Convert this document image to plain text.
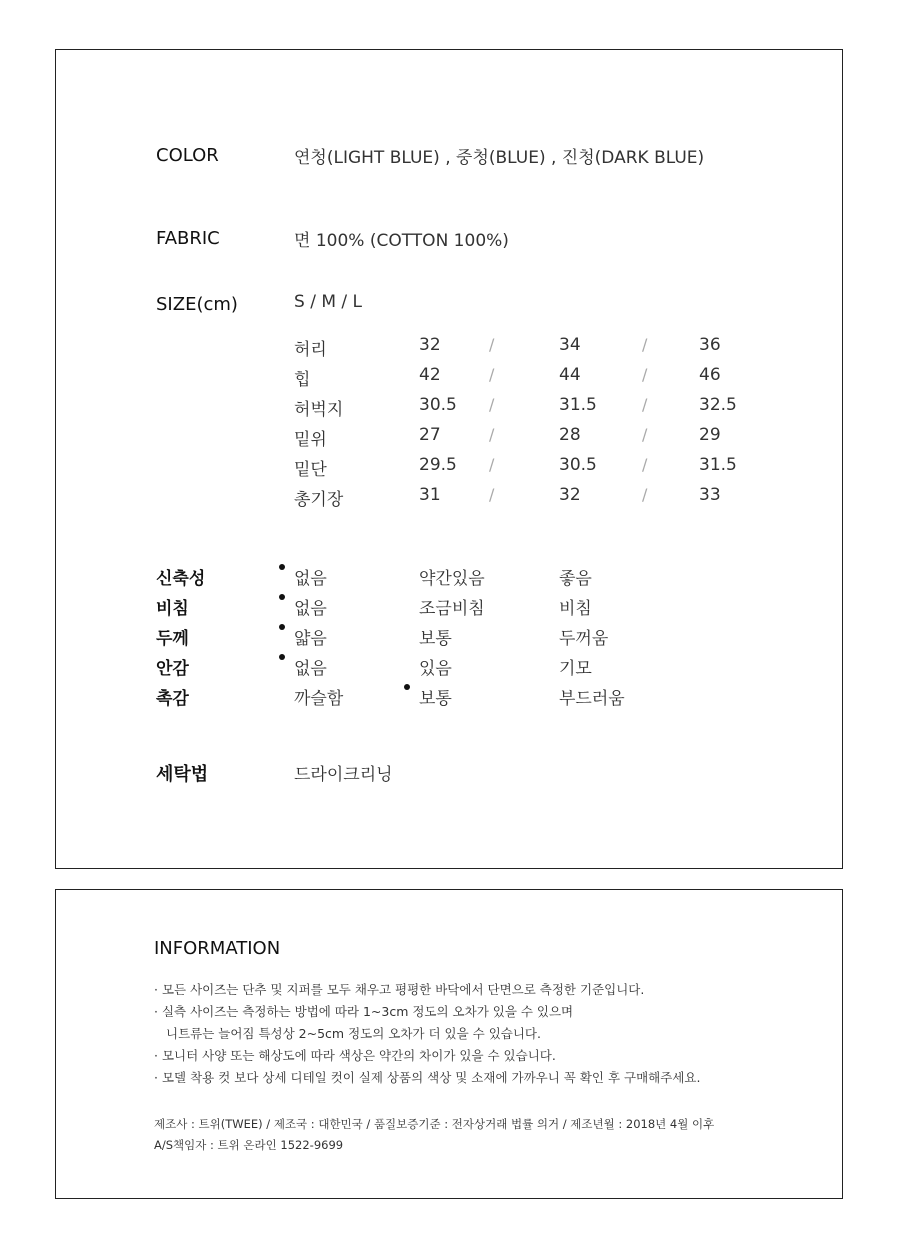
COLOR	연청(LIGHT BLUE) , 중청(BLUE) , 진청(DARK BLUE)
FABRIC	면 100% (COTTON 100%)
SIZE(cm)	S / M / L
허리	32	/	34	/	36
힙	42	/	44	/	46
허벅지	30.5 /	31.5	/	32.5
밑위	27	/	28	/	29
밑단	29.5 /	30.5	/	31.5
총기장	31	/	32	/	33
신축성	없음	약간있음	좋음
비침	없음	조금비침	비침
두께	얇음	보통	두꺼움
안감	없음	있음	기모
촉감	까슬함	보통	부드러움
세탁법	드라이크리닝
INFORMATION
· 모든 사이즈는 단추 및 지퍼를 모두 채우고 평평한 바닥에서 단면으로 측정한 기준입니다.
· 실측 사이즈는 측정하는 방법에 따라 1~3cm 정도의 오차가 있을 수 있으며
니트류는 늘어짐 특성상 2~5cm 정도의 오차가 더 있을 수 있습니다.
· 모니터 사양 또는 해상도에 따라 색상은 약간의 차이가 있을 수 있습니다.
· 모델 착용 컷 보다 상세 디테일 컷이 실제 상품의 색상 및 소재에 가까우니 꼭 확인 후 구매해주세요.
제조사 : 트위(TWEE) / 제조국 : 대한민국 / 품질보증기준 : 전자상거래 법률 의거 / 제조년월 : 2018년 4월 이후
A/S책임자 : 트위 온라인 1522-9699
